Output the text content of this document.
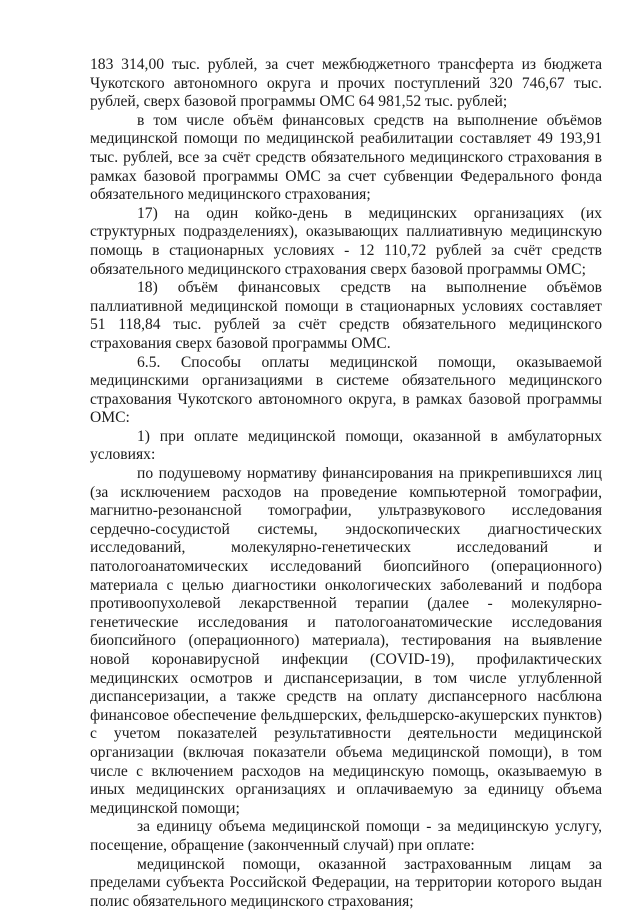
183 314,00 тыс. рублей, за счет межбюджетного трансферта из бюджета Чукотского автономного округа и прочих поступлений 320 746,67 тыс. рублей, сверх базовой программы ОМС 64 981,52 тыс. рублей;

в том числе объём финансовых средств на выполнение объёмов медицинской помощи по медицинской реабилитации составляет 49 193,91 тыс. рублей, все за счёт средств обязательного медицинского страхования в рамках базовой программы ОМС за счет субвенции Федерального фонда обязательного медицинского страхования;

17) на один койко-день в медицинских организациях (их структурных подразделениях), оказывающих паллиативную медицинскую помощь в стационарных условиях - 12 110,72 рублей за счёт средств обязательного медицинского страхования сверх базовой программы ОМС;

18) объём финансовых средств на выполнение объёмов паллиативной медицинской помощи в стационарных условиях составляет 51 118,84 тыс. рублей за счёт средств обязательного медицинского страхования сверх базовой программы ОМС.

6.5. Способы оплаты медицинской помощи, оказываемой медицинскими организациями в системе обязательного медицинского страхования Чукотского автономного округа, в рамках базовой программы ОМС:

1) при оплате медицинской помощи, оказанной в амбулаторных условиях:

по подушевому нормативу финансирования на прикрепившихся лиц (за исключением расходов на проведение компьютерной томографии, магнитно-резонансной томографии, ультразвукового исследования сердечно-сосудистой системы, эндоскопических диагностических исследований, молекулярно-генетических исследований и патологоанатомических исследований биопсийного (операционного) материала с целью диагностики онкологических заболеваний и подбора противоопухолевой лекарственной терапии (далее - молекулярно-генетические исследования и патологоанатомические исследования биопсийного (операционного) материала), тестирования на выявление новой коронавирусной инфекции (COVID-19), профилактических медицинских осмотров и диспансеризации, в том числе углубленной диспансеризации, а также средств на оплату диспансерного насблюна финансовое обеспечение фельдшерских, фельдшерско-акушерских пунктов) с учетом показателей результативности деятельности медицинской организации (включая показатели объема медицинской помощи), в том числе с включением расходов на медицинскую помощь, оказываемую в иных медицинских организациях и оплачиваемую за единицу объема медицинской помощи;

за единицу объема медицинской помощи - за медицинскую услугу, посещение, обращение (законченный случай) при оплате:

медицинской помощи, оказанной застрахованным лицам за пределами субъекта Российской Федерации, на территории которого выдан полис обязательного медицинского страхования;
